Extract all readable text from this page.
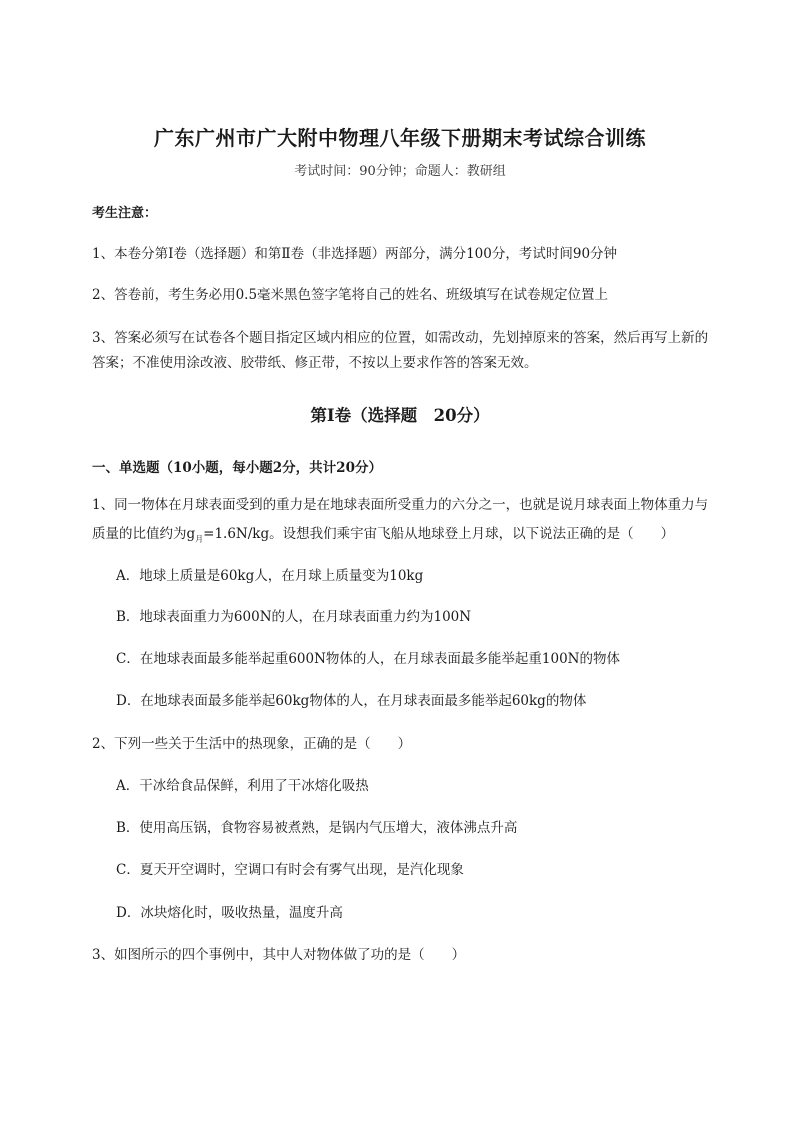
广东广州市广大附中物理八年级下册期末考试综合训练
考试时间：90分钟；命题人：教研组
考生注意：
1、本卷分第I卷（选择题）和第Ⅱ卷（非选择题）两部分，满分100分，考试时间90分钟
2、答卷前，考生务必用0.5毫米黑色签字笔将自己的姓名、班级填写在试卷规定位置上
3、答案必须写在试卷各个题目指定区域内相应的位置，如需改动，先划掉原来的答案，然后再写上新的答案；不准使用涂改液、胶带纸、修正带，不按以上要求作答的答案无效。
第I卷（选择题　20分）
一、单选题（10小题，每小题2分，共计20分）
1、同一物体在月球表面受到的重力是在地球表面所受重力的六分之一，也就是说月球表面上物体重力与质量的比值约为$g_月=1.6N/kg$。设想我们乘宇宙飞船从地球登上月球，以下说法正确的是（　　）
A．地球上质量是60kg人，在月球上质量变为10kg
B．地球表面重力为600N的人，在月球表面重力约为100N
C．在地球表面最多能举起重600N物体的人，在月球表面最多能举起重100N的物体
D．在地球表面最多能举起60kg物体的人，在月球表面最多能举起60kg的物体
2、下列一些关于生活中的热现象，正确的是（　　）
A．干冰给食品保鲜，利用了干冰熔化吸热
B．使用高压锅，食物容易被煮熟，是锅内气压增大，液体沸点升高
C．夏天开空调时，空调口有时会有雾气出现，是汽化现象
D．冰块熔化时，吸收热量，温度升高
3、如图所示的四个事例中，其中人对物体做了功的是（　　）
